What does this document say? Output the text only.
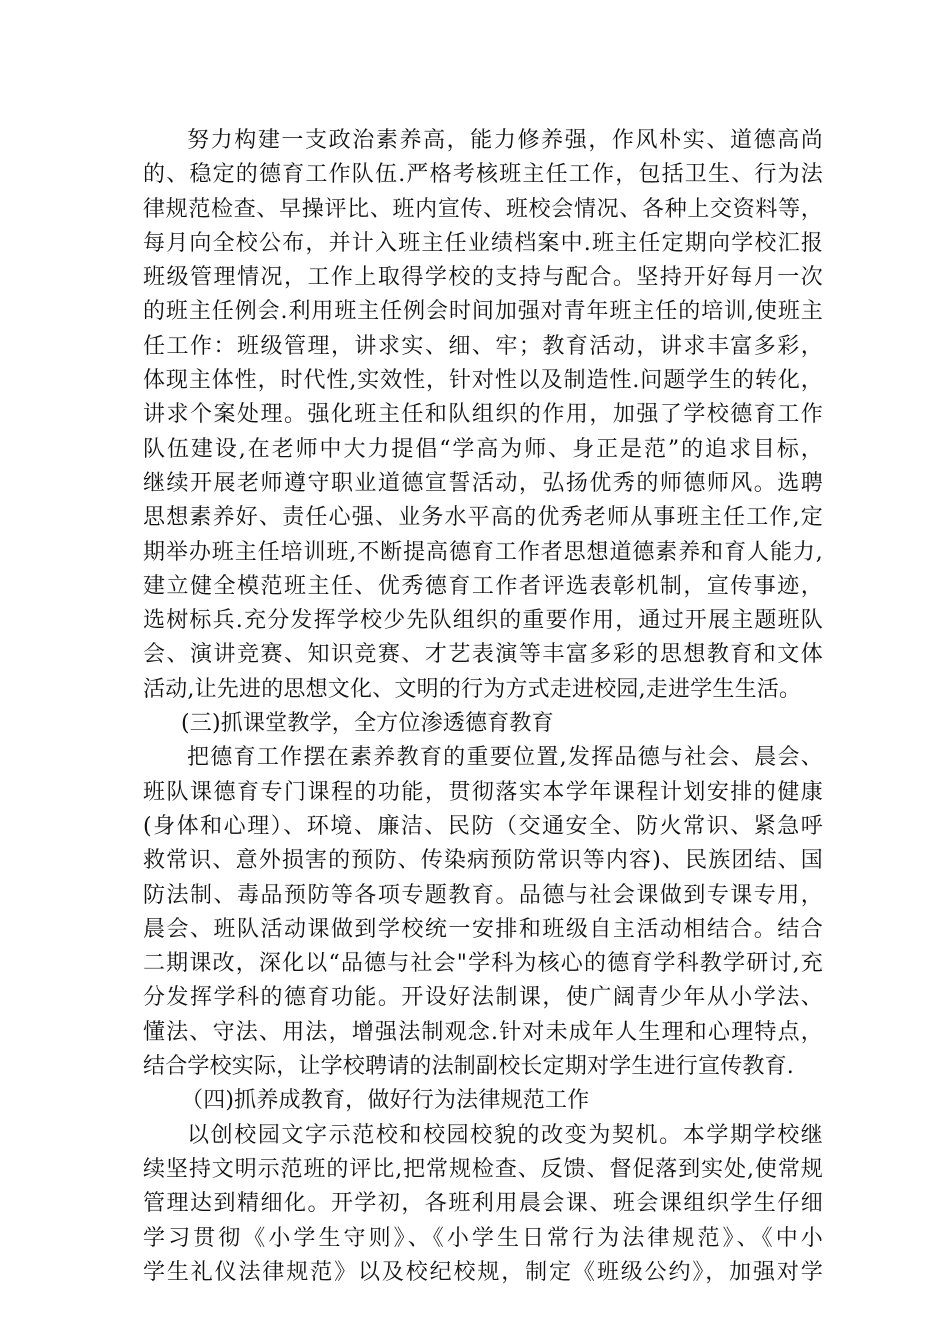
努力构建一支政治素养高，能力修养强，作风朴实、道德高尚
的、稳定的德育工作队伍.严格考核班主任工作，包括卫生、行为法
律规范检查、早操评比、班内宣传、班校会情况、各种上交资料等，
每月向全校公布，并计入班主任业绩档案中.班主任定期向学校汇报
班级管理情况，工作上取得学校的支持与配合。坚持开好每月一次
的班主任例会.利用班主任例会时间加强对青年班主任的培训,使班主
任工作：班级管理，讲求实、细、牢；教育活动，讲求丰富多彩，
体现主体性，时代性,实效性，针对性以及制造性.问题学生的转化，
讲求个案处理。强化班主任和队组织的作用，加强了学校德育工作
队伍建设,在老师中大力提倡“学高为师、身正是范”的追求目标，
继续开展老师遵守职业道德宣誓活动，弘扬优秀的师德师风。选聘
思想素养好、责任心强、业务水平高的优秀老师从事班主任工作,定
期举办班主任培训班,不断提高德育工作者思想道德素养和育人能力,
建立健全模范班主任、优秀德育工作者评选表彰机制，宣传事迹，
选树标兵.充分发挥学校少先队组织的重要作用，通过开展主题班队
会、演讲竞赛、知识竞赛、才艺表演等丰富多彩的思想教育和文体
活动,让先进的思想文化、文明的行为方式走进校园,走进学生生活。
(三)抓课堂教学，全方位渗透德育教育
把德育工作摆在素养教育的重要位置,发挥品德与社会、晨会、
班队课德育专门课程的功能，贯彻落实本学年课程计划安排的健康
(身体和心理）、环境、廉洁、民防（交通安全、防火常识、紧急呼
救常识、意外损害的预防、传染病预防常识等内容)、民族团结、国
防法制、毒品预防等各项专题教育。品德与社会课做到专课专用，
晨会、班队活动课做到学校统一安排和班级自主活动相结合。结合
二期课改，深化以“品德与社会"学科为核心的德育学科教学研讨,充
分发挥学科的德育功能。开设好法制课，使广阔青少年从小学法、
懂法、守法、用法，增强法制观念.针对未成年人生理和心理特点，
结合学校实际，让学校聘请的法制副校长定期对学生进行宣传教育.
（四)抓养成教育，做好行为法律规范工作
以创校园文字示范校和校园校貌的改变为契机。本学期学校继
续坚持文明示范班的评比,把常规检查、反馈、督促落到实处,使常规
管理达到精细化。开学初，各班利用晨会课、班会课组织学生仔细
学习贯彻《小学生守则》、《小学生日常行为法律规范》、《中小
学生礼仪法律规范》以及校纪校规，制定《班级公约》，加强对学
